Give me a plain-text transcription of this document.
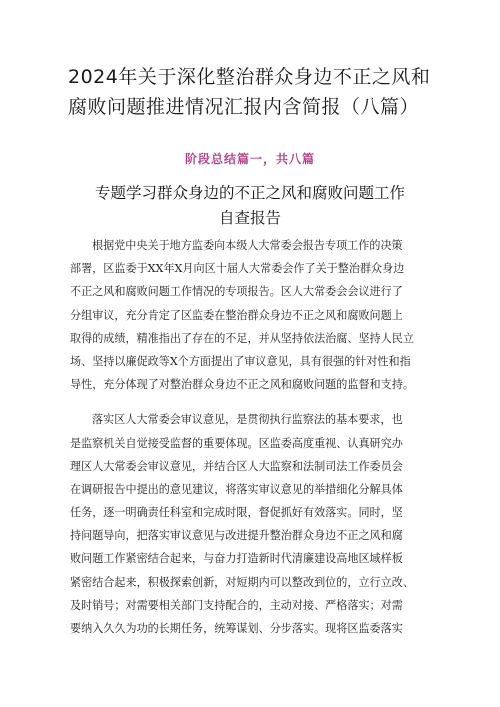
2024年关于深化整治群众身边不正之风和
腐败问题推进情况汇报内含简报（八篇）
阶段总结篇一，共八篇
专题学习群众身边的不正之风和腐败问题工作
自查报告
根据党中央关于地方监委向本级人大常委会报告专项工作的决策
部署，区监委于XX年X月向区十届人大常委会作了关于整治群众身边
不正之风和腐败问题工作情况的专项报告。区人大常委会会议进行了
分组审议，充分肯定了区监委在整治群众身边不正之风和腐败问题上
取得的成绩，精准指出了存在的不足，并从坚持依法治腐、坚持人民立
场、坚持以廉促政等X个方面提出了审议意见，具有很强的针对性和指
导性，充分体现了对整治群众身边不正之风和腐败问题的监督和支持。
落实区人大常委会审议意见，是贯彻执行监察法的基本要求，也
是监察机关自觉接受监督的重要体现。区监委高度重视、认真研究办
理区人大常委会审议意见，并结合区人大监察和法制司法工作委员会
在调研报告中提出的意见建议，将落实审议意见的举措细化分解具体
任务，逐一明确责任科室和完成时限，督促抓好有效落实。同时，坚
持问题导向，把落实审议意见与改进提升整治群众身边不正之风和腐
败问题工作紧密结合起来，与奋力打造新时代清廉建设高地区域样板
紧密结合起来，积极探索创新，对短期内可以整改到位的，立行立改、
及时销号；对需要相关部门支持配合的，主动对接、严格落实；对需
要纳入久久为功的长期任务，统筹谋划、分步落实。现将区监委落实
